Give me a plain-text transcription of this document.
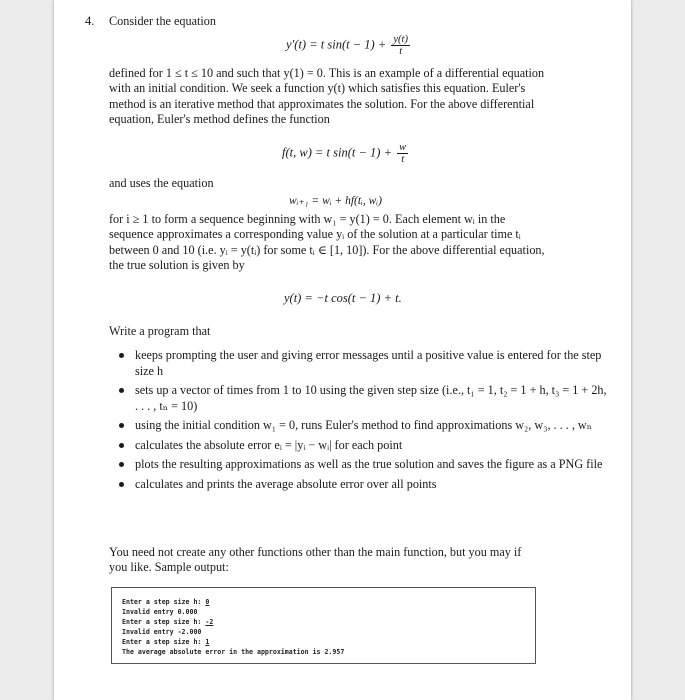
4. Consider the equation
y′(t) = t $\sin(t - 1) + \frac{y(t)}{t}$

defined for 1 ≤ t ≤ 10 and such that y(1) = 0. This is an example of a differential equation

with an initial condition. We seek a function y(t) which satisfies this equation. Euler's

method is an iterative method that approximates the solution. For the above differential

equation, Euler's method defines the function

f(t, w) = t $\sin(t - 1) + \frac{w}{t}$
and uses the equation
wᵢ₊₁ = wᵢ + hf(tᵢ, wᵢ)

for i ≥ 1 to form a sequence beginning with w₁ = y(1) = 0. Each element wᵢ in the

sequence approximates a corresponding value yᵢ of the solution at a particular time tᵢ

between 0 and 10 (i.e. yᵢ = y(tᵢ) for some tᵢ ∈ [1, 10]). For the above differential equation,

the true solution is given by

y(t) = −t cos(t − 1) + t.
Write a program that
keeps prompting the user and giving error messages until a positive value is entered for the step size h
sets up a vector of times from 1 to 10 using the given step size (i.e., t₁ = 1, t₂ = 1 + h, t₃ = 1 + 2h, . . . , tₙ = 10)
using the initial condition w₁ = 0, runs Euler's method to find approximations w₂, w₃, . . . , wₙ
calculates the absolute error eᵢ = |yᵢ − wᵢ| for each point
plots the resulting approximations as well as the true solution and saves the figure as a PNG file
calculates and prints the average absolute error over all points

You need not create any other functions other than the main function, but you may if

you like. Sample output:

Enter a step size h: 0
Invalid entry 0.000
Enter a step size h: -2
Invalid entry -2.000
Enter a step size h: 1
The average absolute error in the approximation is 2.957
